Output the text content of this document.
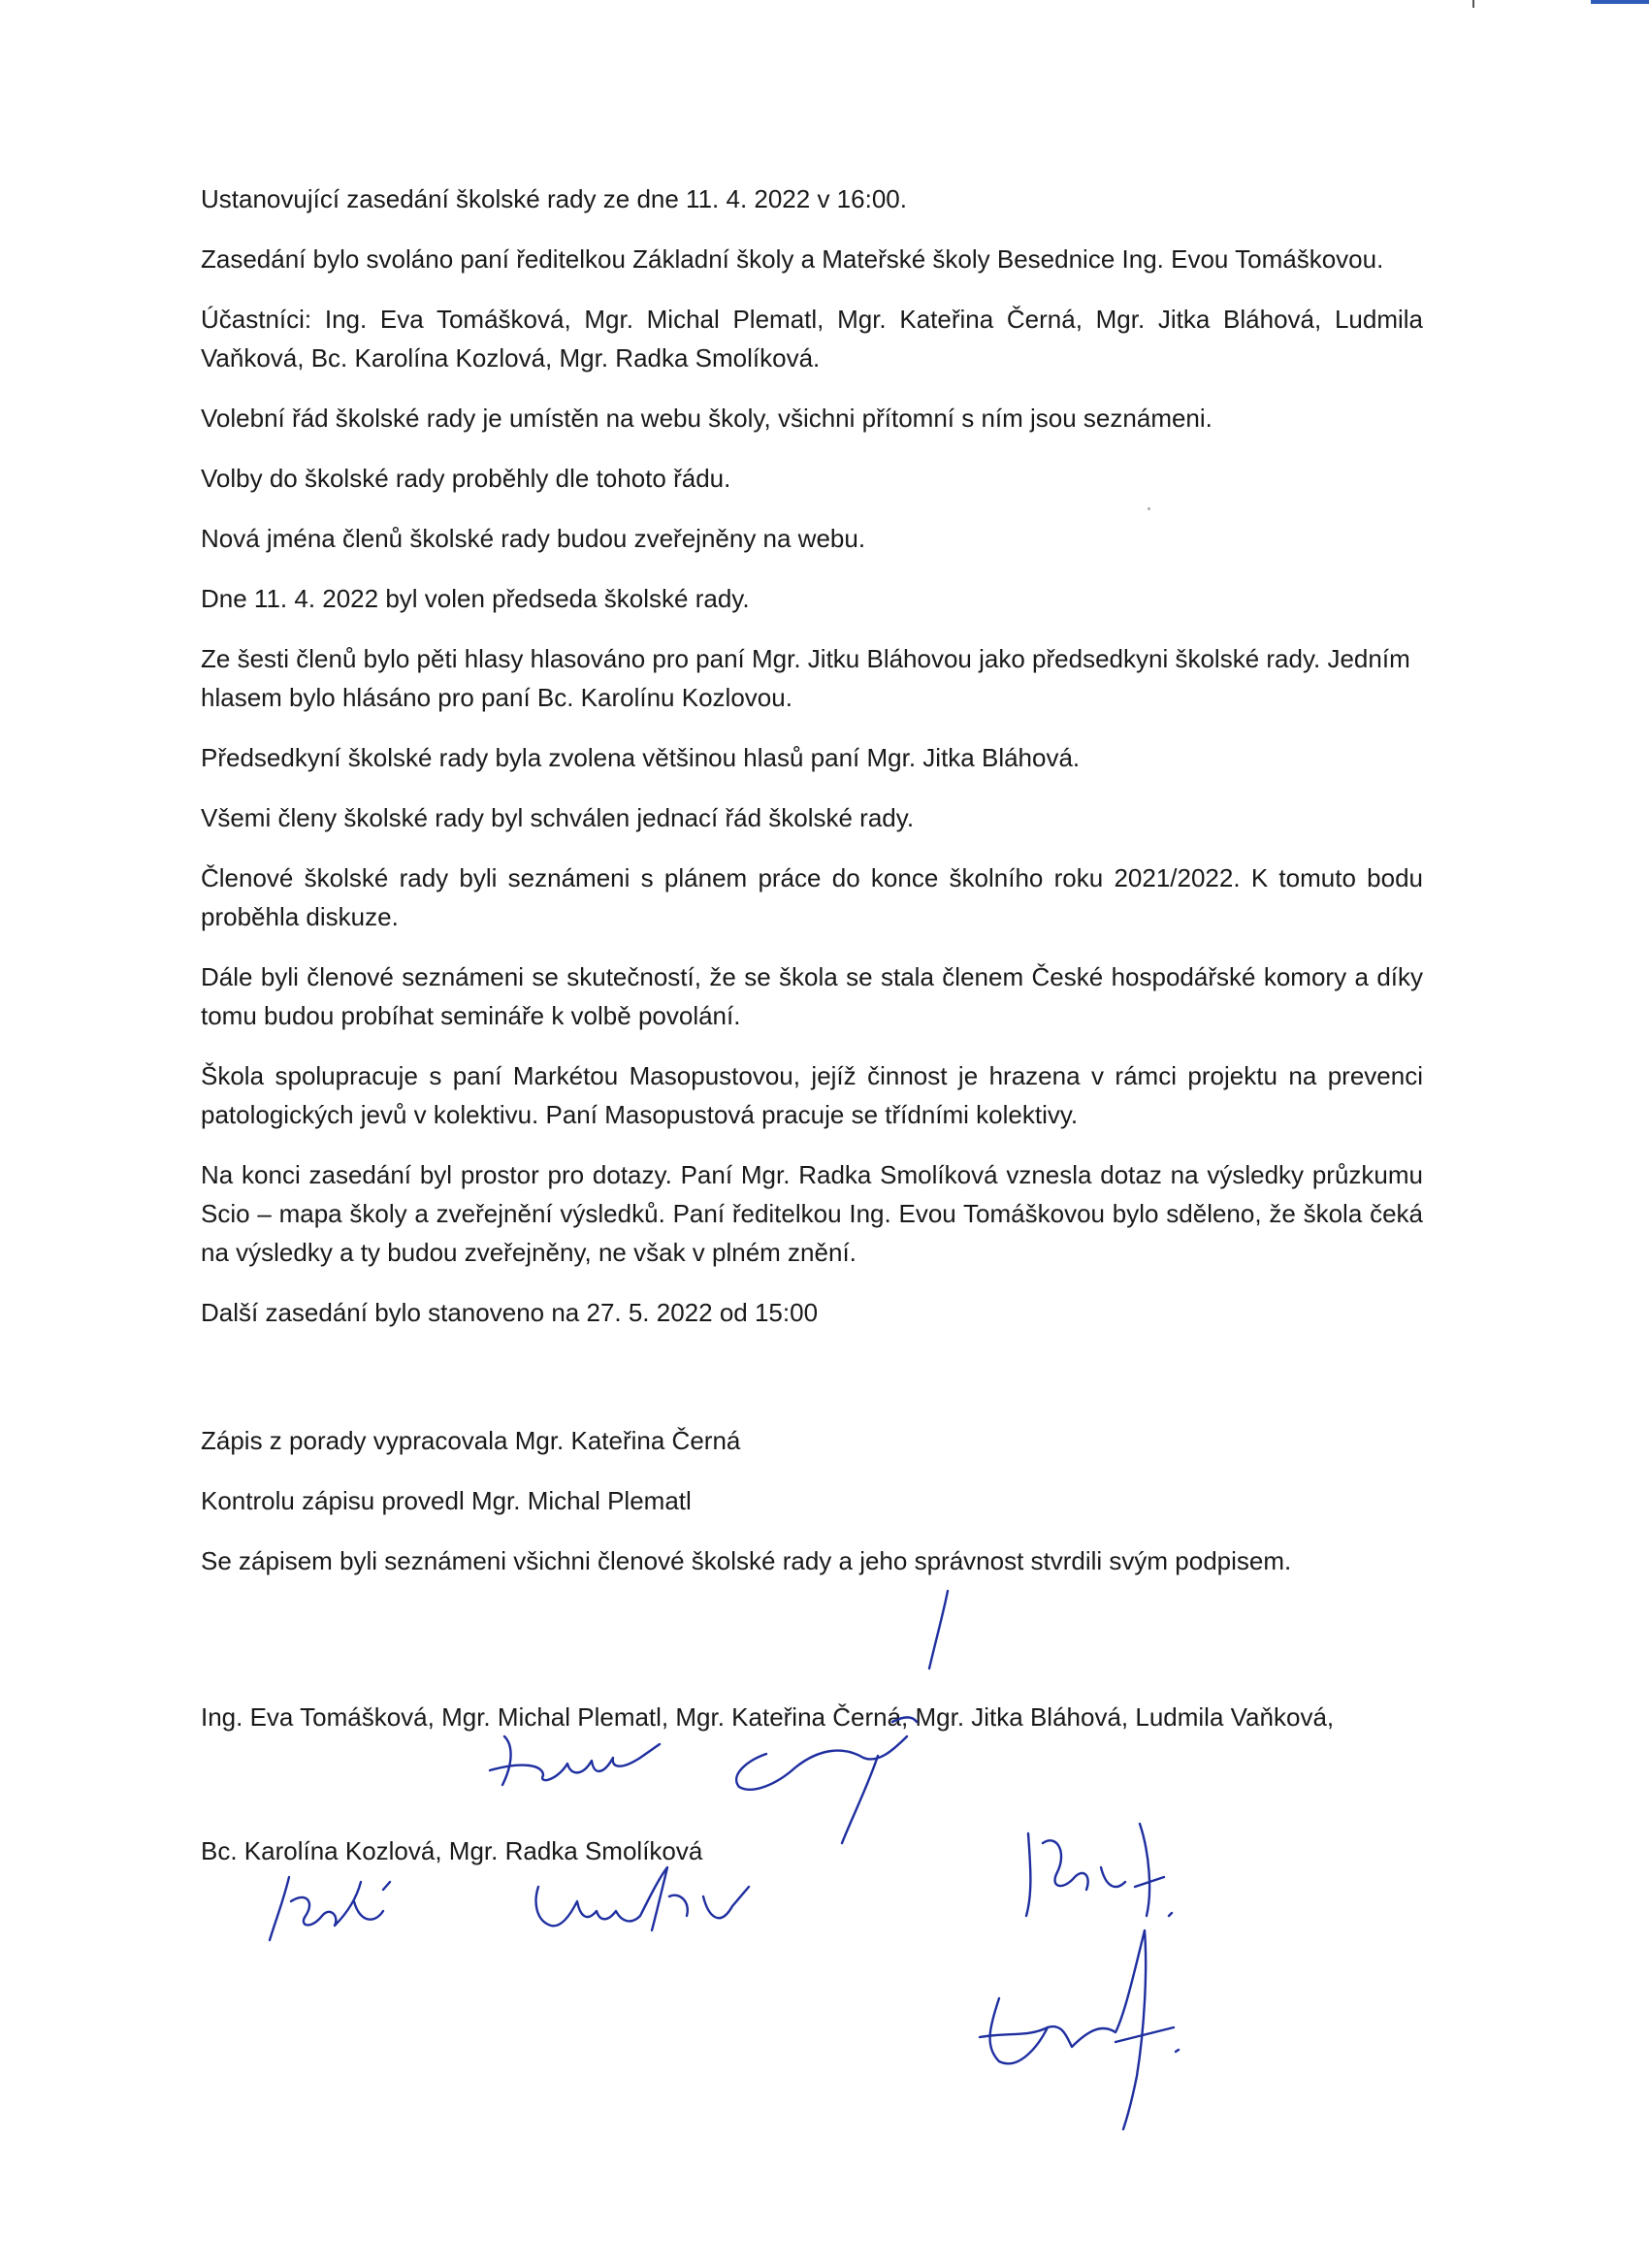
Ustanovující zasedání školské rady ze dne 11. 4. 2022 v 16:00.

Zasedání bylo svoláno paní ředitelkou Základní školy a Mateřské školy Besednice Ing. Evou Tomáškovou.

Účastníci: Ing. Eva Tomášková, Mgr. Michal Plematl, Mgr. Kateřina Černá, Mgr. Jitka Bláhová, Ludmila Vaňková, Bc. Karolína Kozlová, Mgr. Radka Smolíková.

Volební řád školské rady je umístěn na webu školy, všichni přítomní s ním jsou seznámeni.

Volby do školské rady proběhly dle tohoto řádu.

Nová jména členů školské rady budou zveřejněny na webu.

Dne 11. 4. 2022 byl volen předseda školské rady.

Ze šesti členů bylo pěti hlasy hlasováno pro paní Mgr. Jitku Bláhovou jako předsedkyni školské rady. Jedním hlasem bylo hlásáno pro paní Bc. Karolínu Kozlovou.

Předsedkyní školské rady byla zvolena většinou hlasů paní Mgr. Jitka Bláhová.

Všemi členy školské rady byl schválen jednací řád školské rady.

Členové školské rady byli seznámeni s plánem práce do konce školního roku 2021/2022. K tomuto bodu proběhla diskuze.

Dále byli členové seznámeni se skutečností, že se škola se stala členem České hospodářské komory a díky tomu budou probíhat semináře k volbě povolání.

Škola spolupracuje s paní Markétou Masopustovou, jejíž činnost je hrazena v rámci projektu na prevenci patologických jevů v kolektivu. Paní Masopustová pracuje se třídními kolektivy.

Na konci zasedání byl prostor pro dotazy. Paní Mgr. Radka Smolíková vznesla dotaz na výsledky průzkumu Scio – mapa školy a zveřejnění výsledků. Paní ředitelkou Ing. Evou Tomáškovou bylo sděleno, že škola čeká na výsledky a ty budou zveřejněny, ne však v plném znění.

Další zasedání bylo stanoveno na 27. 5. 2022 od 15:00

Zápis z porady vypracovala Mgr. Kateřina Černá

Kontrolu zápisu provedl Mgr. Michal Plematl

Se zápisem byli seznámeni všichni členové školské rady a jeho správnost stvrdili svým podpisem.

Ing. Eva Tomášková, Mgr. Michal Plematl, Mgr. Kateřina Černá, Mgr. Jitka Bláhová, Ludmila Vaňková,

Bc. Karolína Kozlová, Mgr. Radka Smolíková
